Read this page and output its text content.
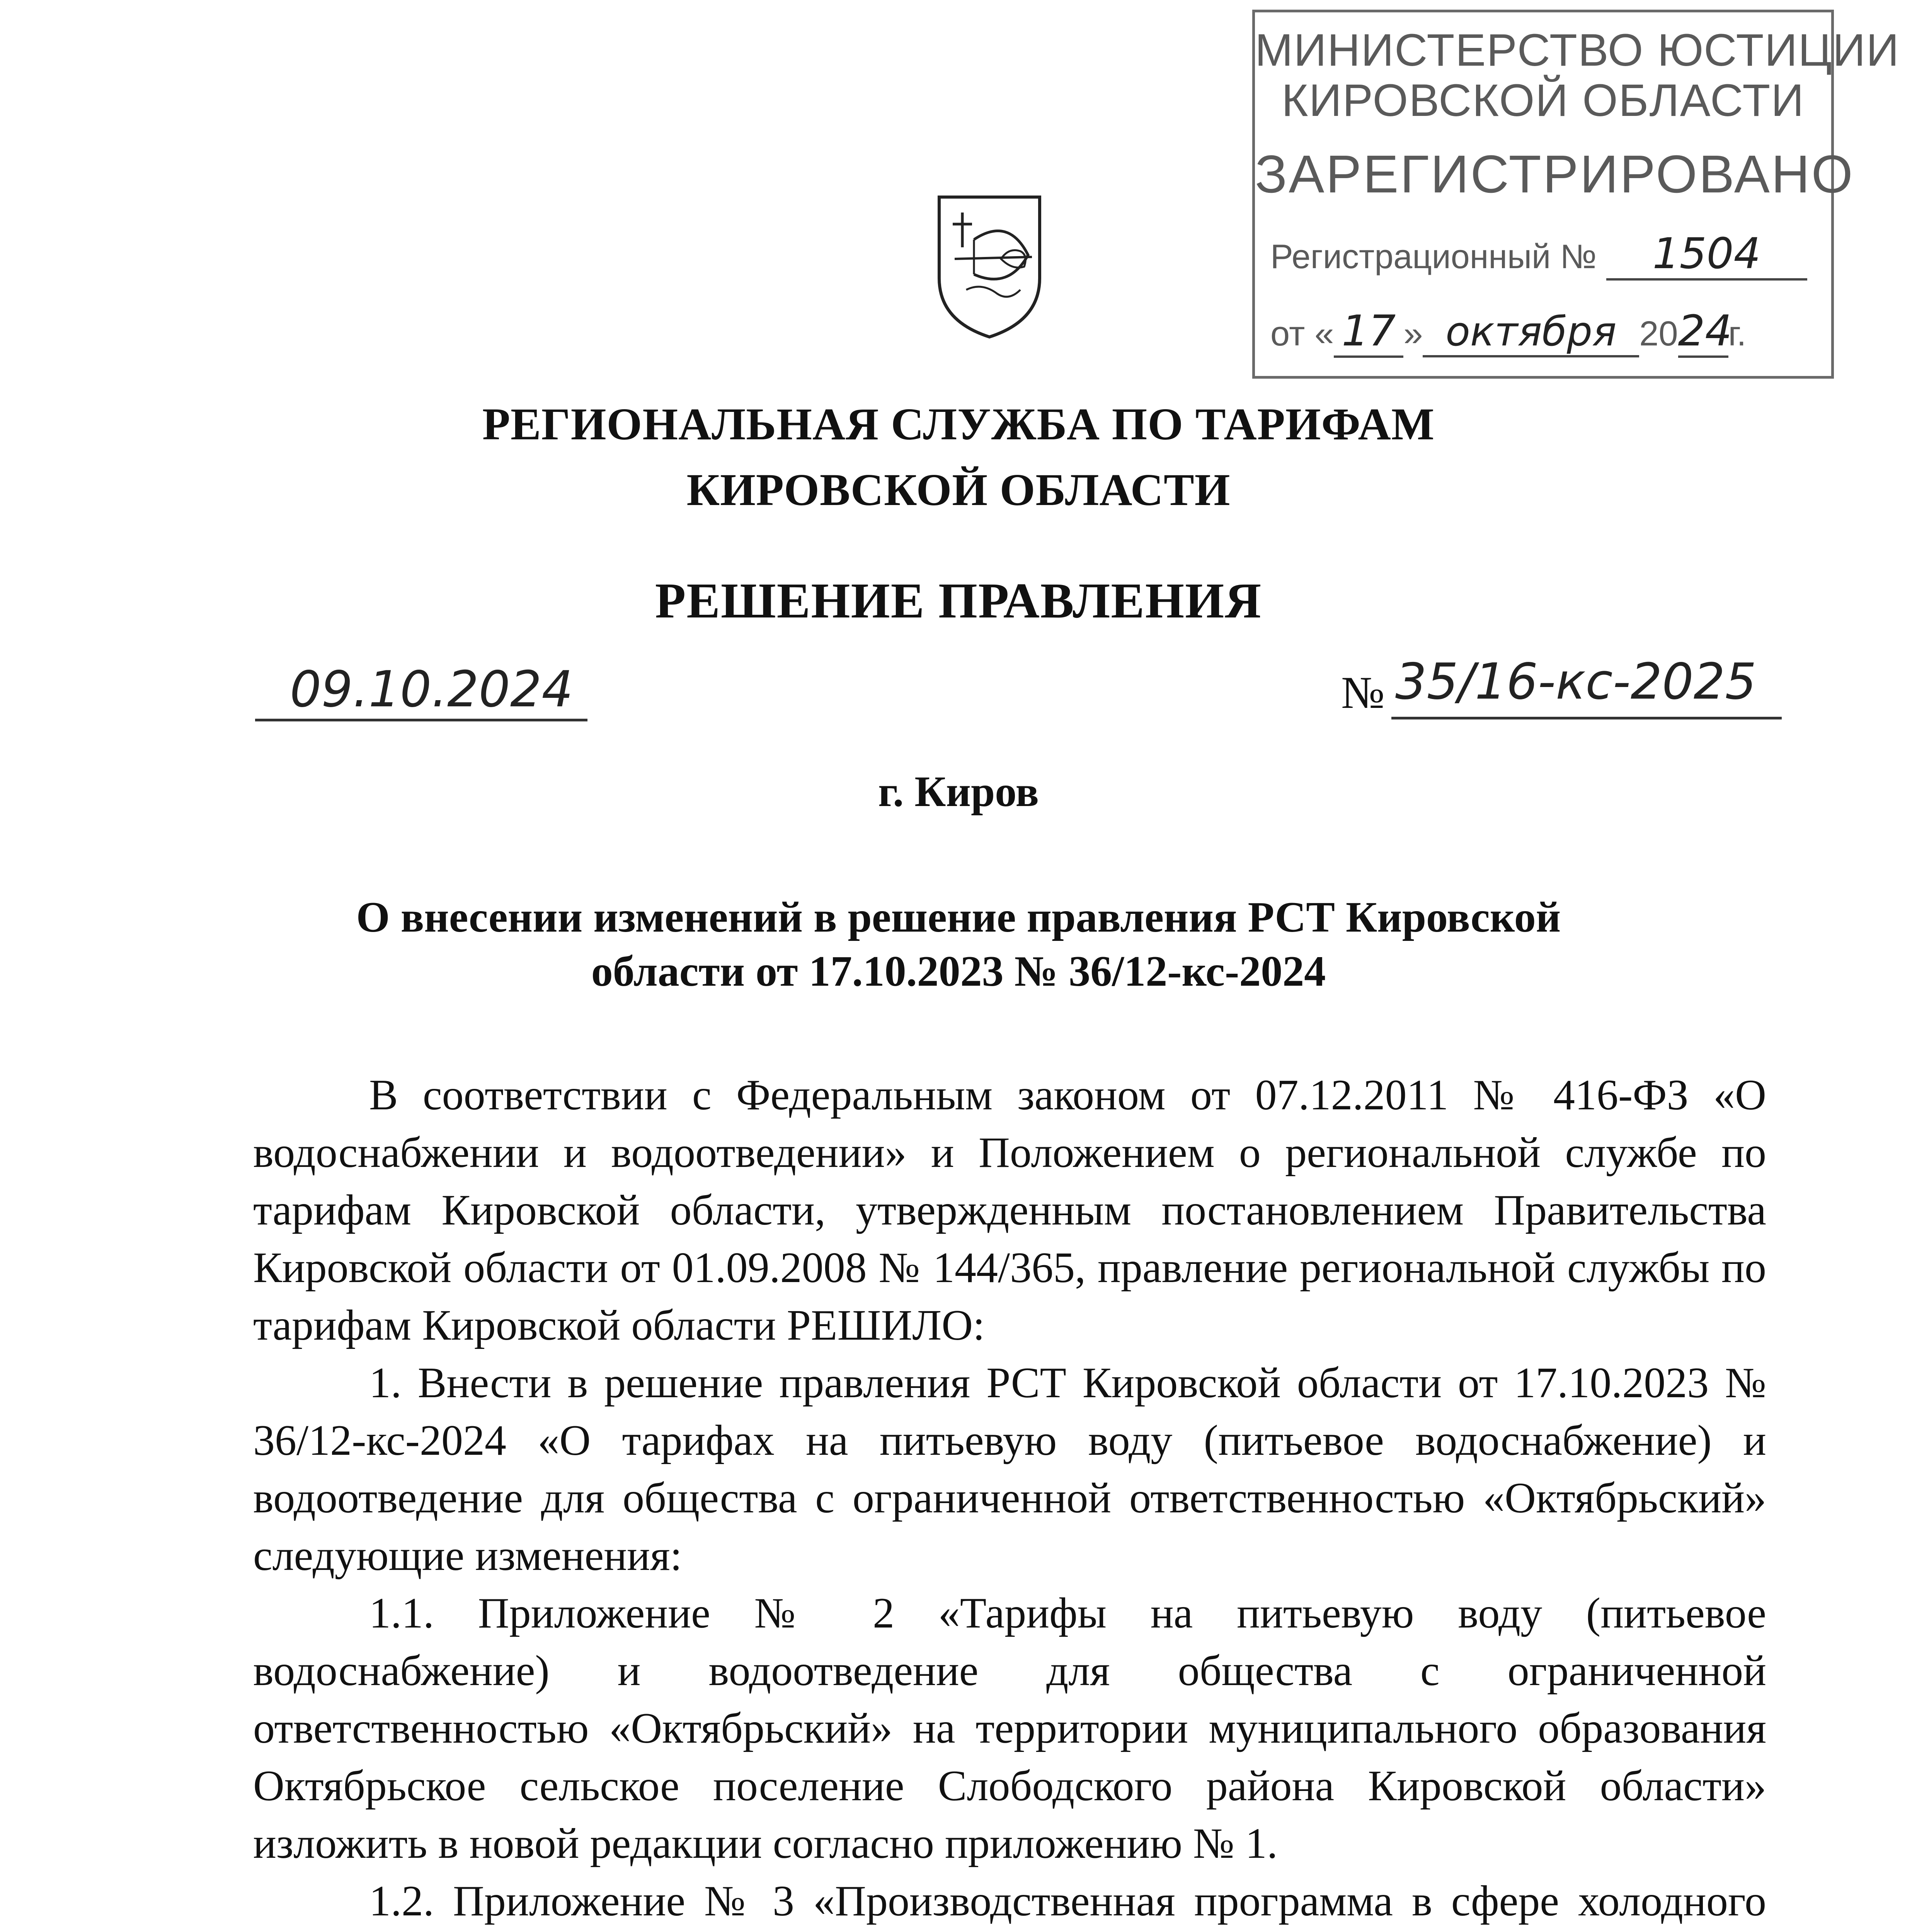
МИНИСТЕРСТВО ЮСТИЦИИ
КИРОВСКОЙ ОБЛАСТИ
ЗАРЕГИСТРИРОВАНО
Регистрационный № 1504
от « 17 » октября 2024г.
РЕГИОНАЛЬНАЯ СЛУЖБА ПО ТАРИФАМ
КИРОВСКОЙ ОБЛАСТИ
РЕШЕНИЕ ПРАВЛЕНИЯ
09.10.2024	№ 35/16-кс-2025
г. Киров
О внесении изменений в решение правления РСТ Кировской
области от 17.10.2023 № 36/12-кс-2024

В соответствии с Федеральным законом от 07.12.2011 № 416-ФЗ «О водоснабжении и водоотведении» и Положением о региональной службе по тарифам Кировской области, утвержденным постановлением Правительства Кировской области от 01.09.2008 № 144/365, правление региональной службы по тарифам Кировской области РЕШИЛО:

1. Внести в решение правления РСТ Кировской области от 17.10.2023 № 36/12-кс-2024 «О тарифах на питьевую воду (питьевое водоснабжение) и водоотведение для общества с ограниченной ответственностью «Октябрьский» следующие изменения:

1.1. Приложение № 2 «Тарифы на питьевую воду (питьевое водоснабжение) и водоотведение для общества с ограниченной ответственностью «Октябрьский» на территории муниципального образования Октябрьское сельское поселение Слободского района Кировской области» изложить в новой редакции согласно приложению № 1.

1.2. Приложение № 3 «Производственная программа в сфере холодного
